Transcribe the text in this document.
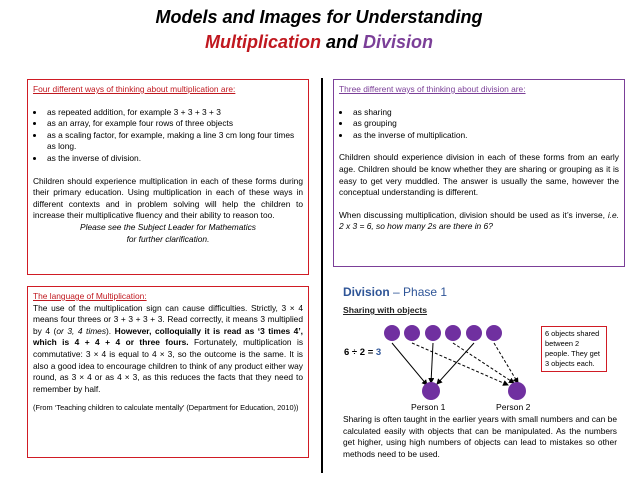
Models and Images for Understanding
Multiplication and Division

Four different ways of thinking about multiplication are:

• as repeated addition, for example 3 + 3 + 3 + 3
• as an array, for example four rows of three objects
• as a scaling factor, for example, making a line 3 cm long four times as long.
• as the inverse of division.

Children should experience multiplication in each of these forms during their primary education. Using multiplication in each of these ways in different contexts and in problem solving will help the children to increase their multiplicative fluency and their ability to reason too.

Please see the Subject Leader for Mathematics

for further clarification.

The language of Multiplication:

The use of the multiplication sign can cause difficulties. Strictly, 3 × 4 means four threes or 3 + 3 + 3 + 3. Read correctly, it means 3 multiplied by 4 (or 3, 4 times). However, colloquially it is read as ‘3 times 4’, which is 4 + 4 + 4 or three fours. Fortunately, multiplication is commutative: 3 × 4 is equal to 4 × 3, so the outcome is the same. It is also a good idea to encourage children to think of any product either way round, as 3 × 4 or as 4 × 3, as this reduces the facts that they need to remember by half.

(From ‘Teaching children to calculate mentally’ (Department for Education, 2010))

Three different ways of thinking about division are:

• as sharing
• as grouping
• as the inverse of multiplication.

Children should experience division in each of these forms from an early age. Children should be know whether they are sharing or grouping as it is easy to get very muddled. The answer is usually the same, however the conceptual understanding is different.

When discussing multiplication, division should be used as it’s inverse, i.e. 2 x 3 = 6, so how many 2s are there in 6?

Division – Phase 1
Sharing with objects
6 ÷ 2 = 3
6 objects shared between 2 people. They get 3 objects each.
Person 1	Person 2
Sharing is often taught in the earlier years with small numbers and can be calculated easily with objects that can be manipulated. As the numbers get higher, using high numbers of objects can lead to mistakes so other methods need to be used.
